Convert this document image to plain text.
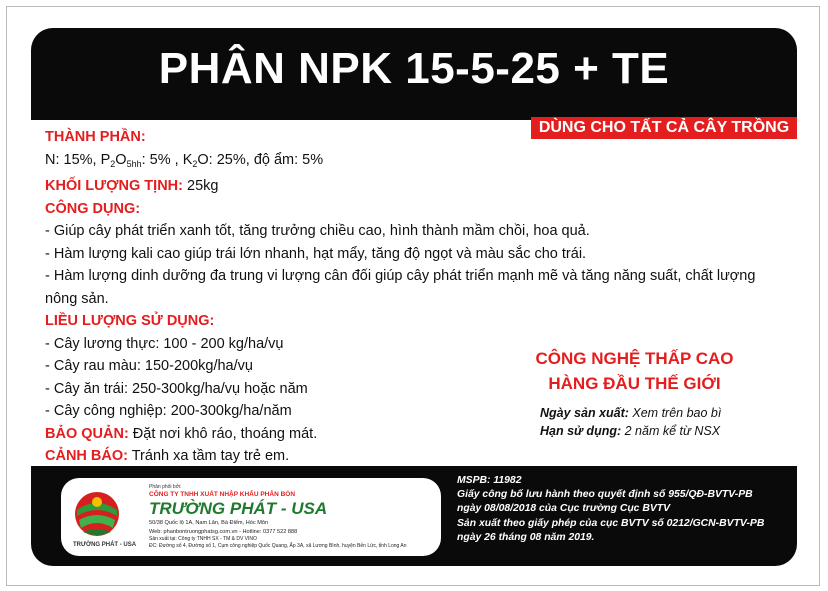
PHÂN NPK 15-5-25 + TE
DÙNG CHO TẤT CẢ CÂY TRỒNG
THÀNH PHẦN:
N: 15%, $P_2O_{5hh}$: 5% , $K_2O$: 25%, độ ẩm: 5%
KHỐI LƯỢNG TỊNH: 25kg
CÔNG DỤNG:
- Giúp cây phát triển xanh tốt, tăng trưởng chiều cao, hình thành mầm chồi, hoa quả.
- Hàm lượng kali cao giúp trái lớn nhanh, hạt mẩy, tăng độ ngọt và màu sắc cho trái.
- Hàm lượng dinh dưỡng đa trung vi lượng cân đối giúp cây phát triển mạnh mẽ và tăng năng suất, chất lượng nông sản.
LIỀU LƯỢNG SỬ DỤNG:
- Cây lương thực: 100 - 200 kg/ha/vụ
- Cây rau màu: 150-200kg/ha/vụ
- Cây ăn trái: 250-300kg/ha/vụ hoặc năm
- Cây công nghiệp: 200-300kg/ha/năm
BẢO QUẢN: Đặt nơi khô ráo, thoáng mát.
CẢNH BÁO: Tránh xa tầm tay trẻ em.
CÔNG NGHỆ THẤP CAO
HÀNG ĐẦU THẾ GIỚI
Ngày sản xuất: Xem trên bao bì
Hạn sử dụng: 2 năm kể từ NSX
TRƯỜNG PHÁT - USA
Phân phối bởi:
CÔNG TY TNHH XUẤT NHẬP KHẨU PHÂN BÓN
TRƯỜNG PHÁT - USA
50/38 Quốc lộ 1A, Nam Lân, Bà Điểm, Hóc Môn
Web: phanbontruongphatsg.com.vn - Hotline: 0377 522 888
Sản xuất tại: Công ty TNHH SX - TM & DV VINO
ĐC: Đường số 4, Đường số 1, Cụm công nghiệp Quốc Quang, Ấp 3A, xã Lương Bình, huyện Bến Lức, tỉnh Long An
MSPB: 11982
Giấy công bố lưu hành theo quyết định số 955/QĐ-BVTV-PB
ngày 08/08/2018 của Cục trường Cục BVTV
Sản xuất theo giấy phép của cục BVTV số 0212/GCN-BVTV-PB
ngày 26 tháng 08 năm 2019.
